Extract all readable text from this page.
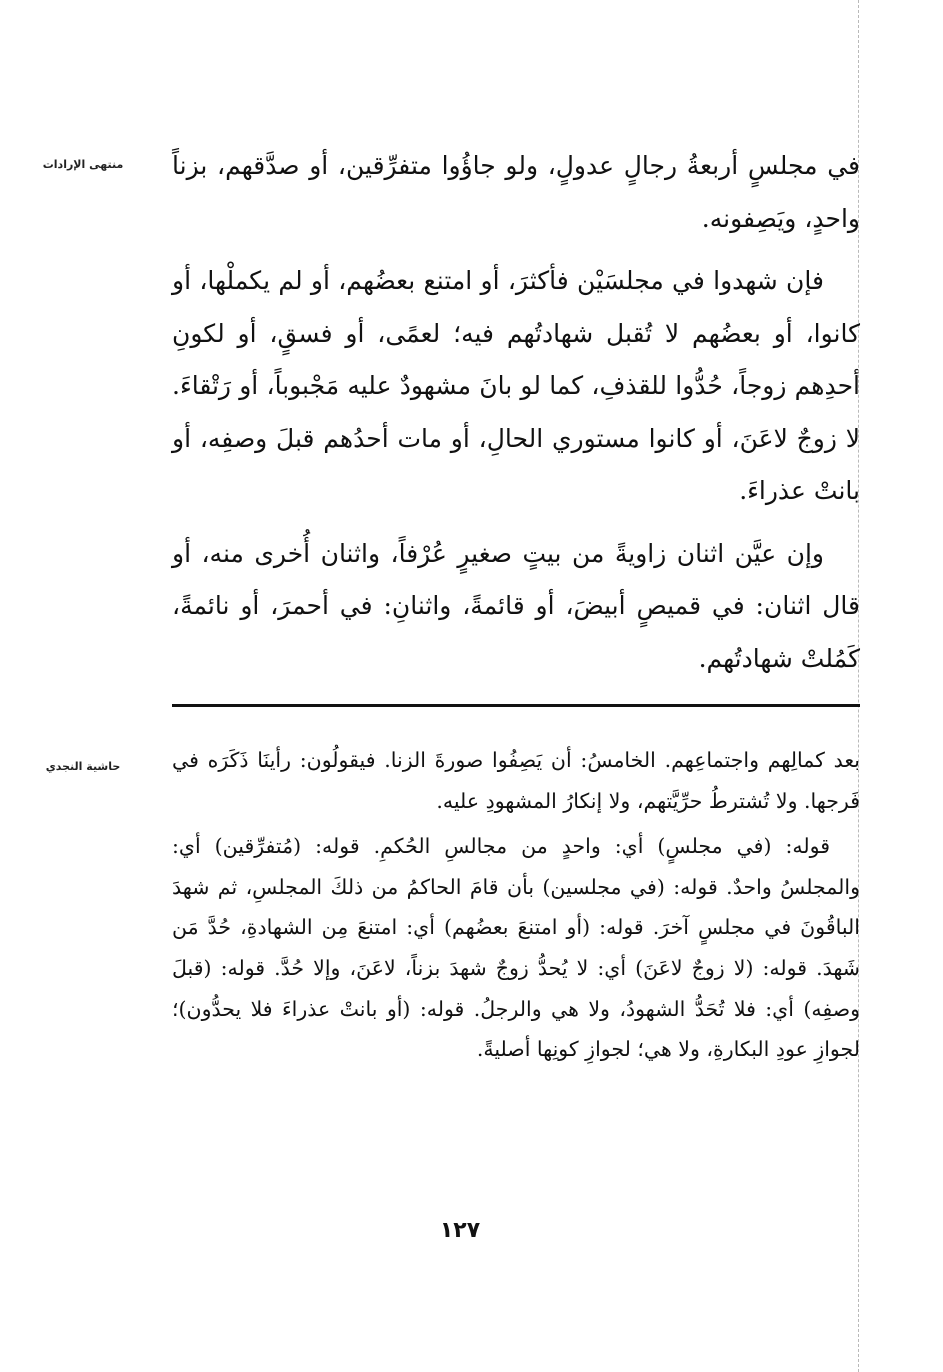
منتهى الإرادات	في مجلسٍ أربعةُ رجالٍ عدولٍ، ولو جاؤُوا متفرِّقين، أو صدَّقهم، بزناً واحدٍ، ويَصِفونه.

فإن شهدوا في مجلسَيْن فأكثرَ، أو امتنع بعضُهم، أو لم يكملْها، أو كانوا، أو بعضُهم لا تُقبل شهادتُهم فيه؛ لعمًى، أو فسقٍ، أو لكونِ أحدِهم زوجاً، حُدُّوا للقذفِ، كما لو بانَ مشهودٌ عليه مَجْبوباً، أو رَتْقاءَ. لا زوجٌ لاعَنَ، أو كانوا مستوري الحالِ، أو مات أحدُهم قبلَ وصفِه، أو بانتْ عذراءَ.

وإن عيَّن اثنان زاويةً من بيتٍ صغيرٍ عُرْفاً، واثنان أُخرى منه، أو قال اثنان: في قميصٍ أبيضَ، أو قائمةً، واثنانِ: في أحمرَ، أو نائمةً، كَمُلتْ شهادتُهم.

حاشية النجدي	بعد كمالِهم واجتماعِهم. الخامسُ: أن يَصِفُوا صورةَ الزنا. فيقولُون: رأينَا ذَكَرَه في فَرجها. ولا تُشترطُ حرِّيَّتهم، ولا إنكارُ المشهودِ عليه.

قوله: (في مجلسٍ) أي: واحدٍ من مجالسِ الحُكمِ. قوله: (مُتفرِّقين) أي: والمجلسُ واحدٌ. قوله: (في مجلسين) بأن قامَ الحاكمُ من ذلكَ المجلسِ، ثم شهدَ الباقُونَ في مجلسٍ آخرَ. قوله: (أو امتنعَ بعضُهم) أي: امتنعَ مِن الشهادةِ، حُدَّ مَن شَهدَ. قوله: (لا زوجٌ لاعَنَ) أي: لا يُحدُّ زوجٌ شهدَ بزناً، لاعَنَ، وإلا حُدَّ. قوله: (قبلَ وصفِه) أي: فلا تُحَدُّ الشهودُ، ولا هي والرجلُ. قوله: (أو بانتْ عذراءَ فلا يحدُّون)؛ لجوازِ عودِ البكارةِ، ولا هي؛ لجوازِ كونِها أصليةً.

١٢٧
